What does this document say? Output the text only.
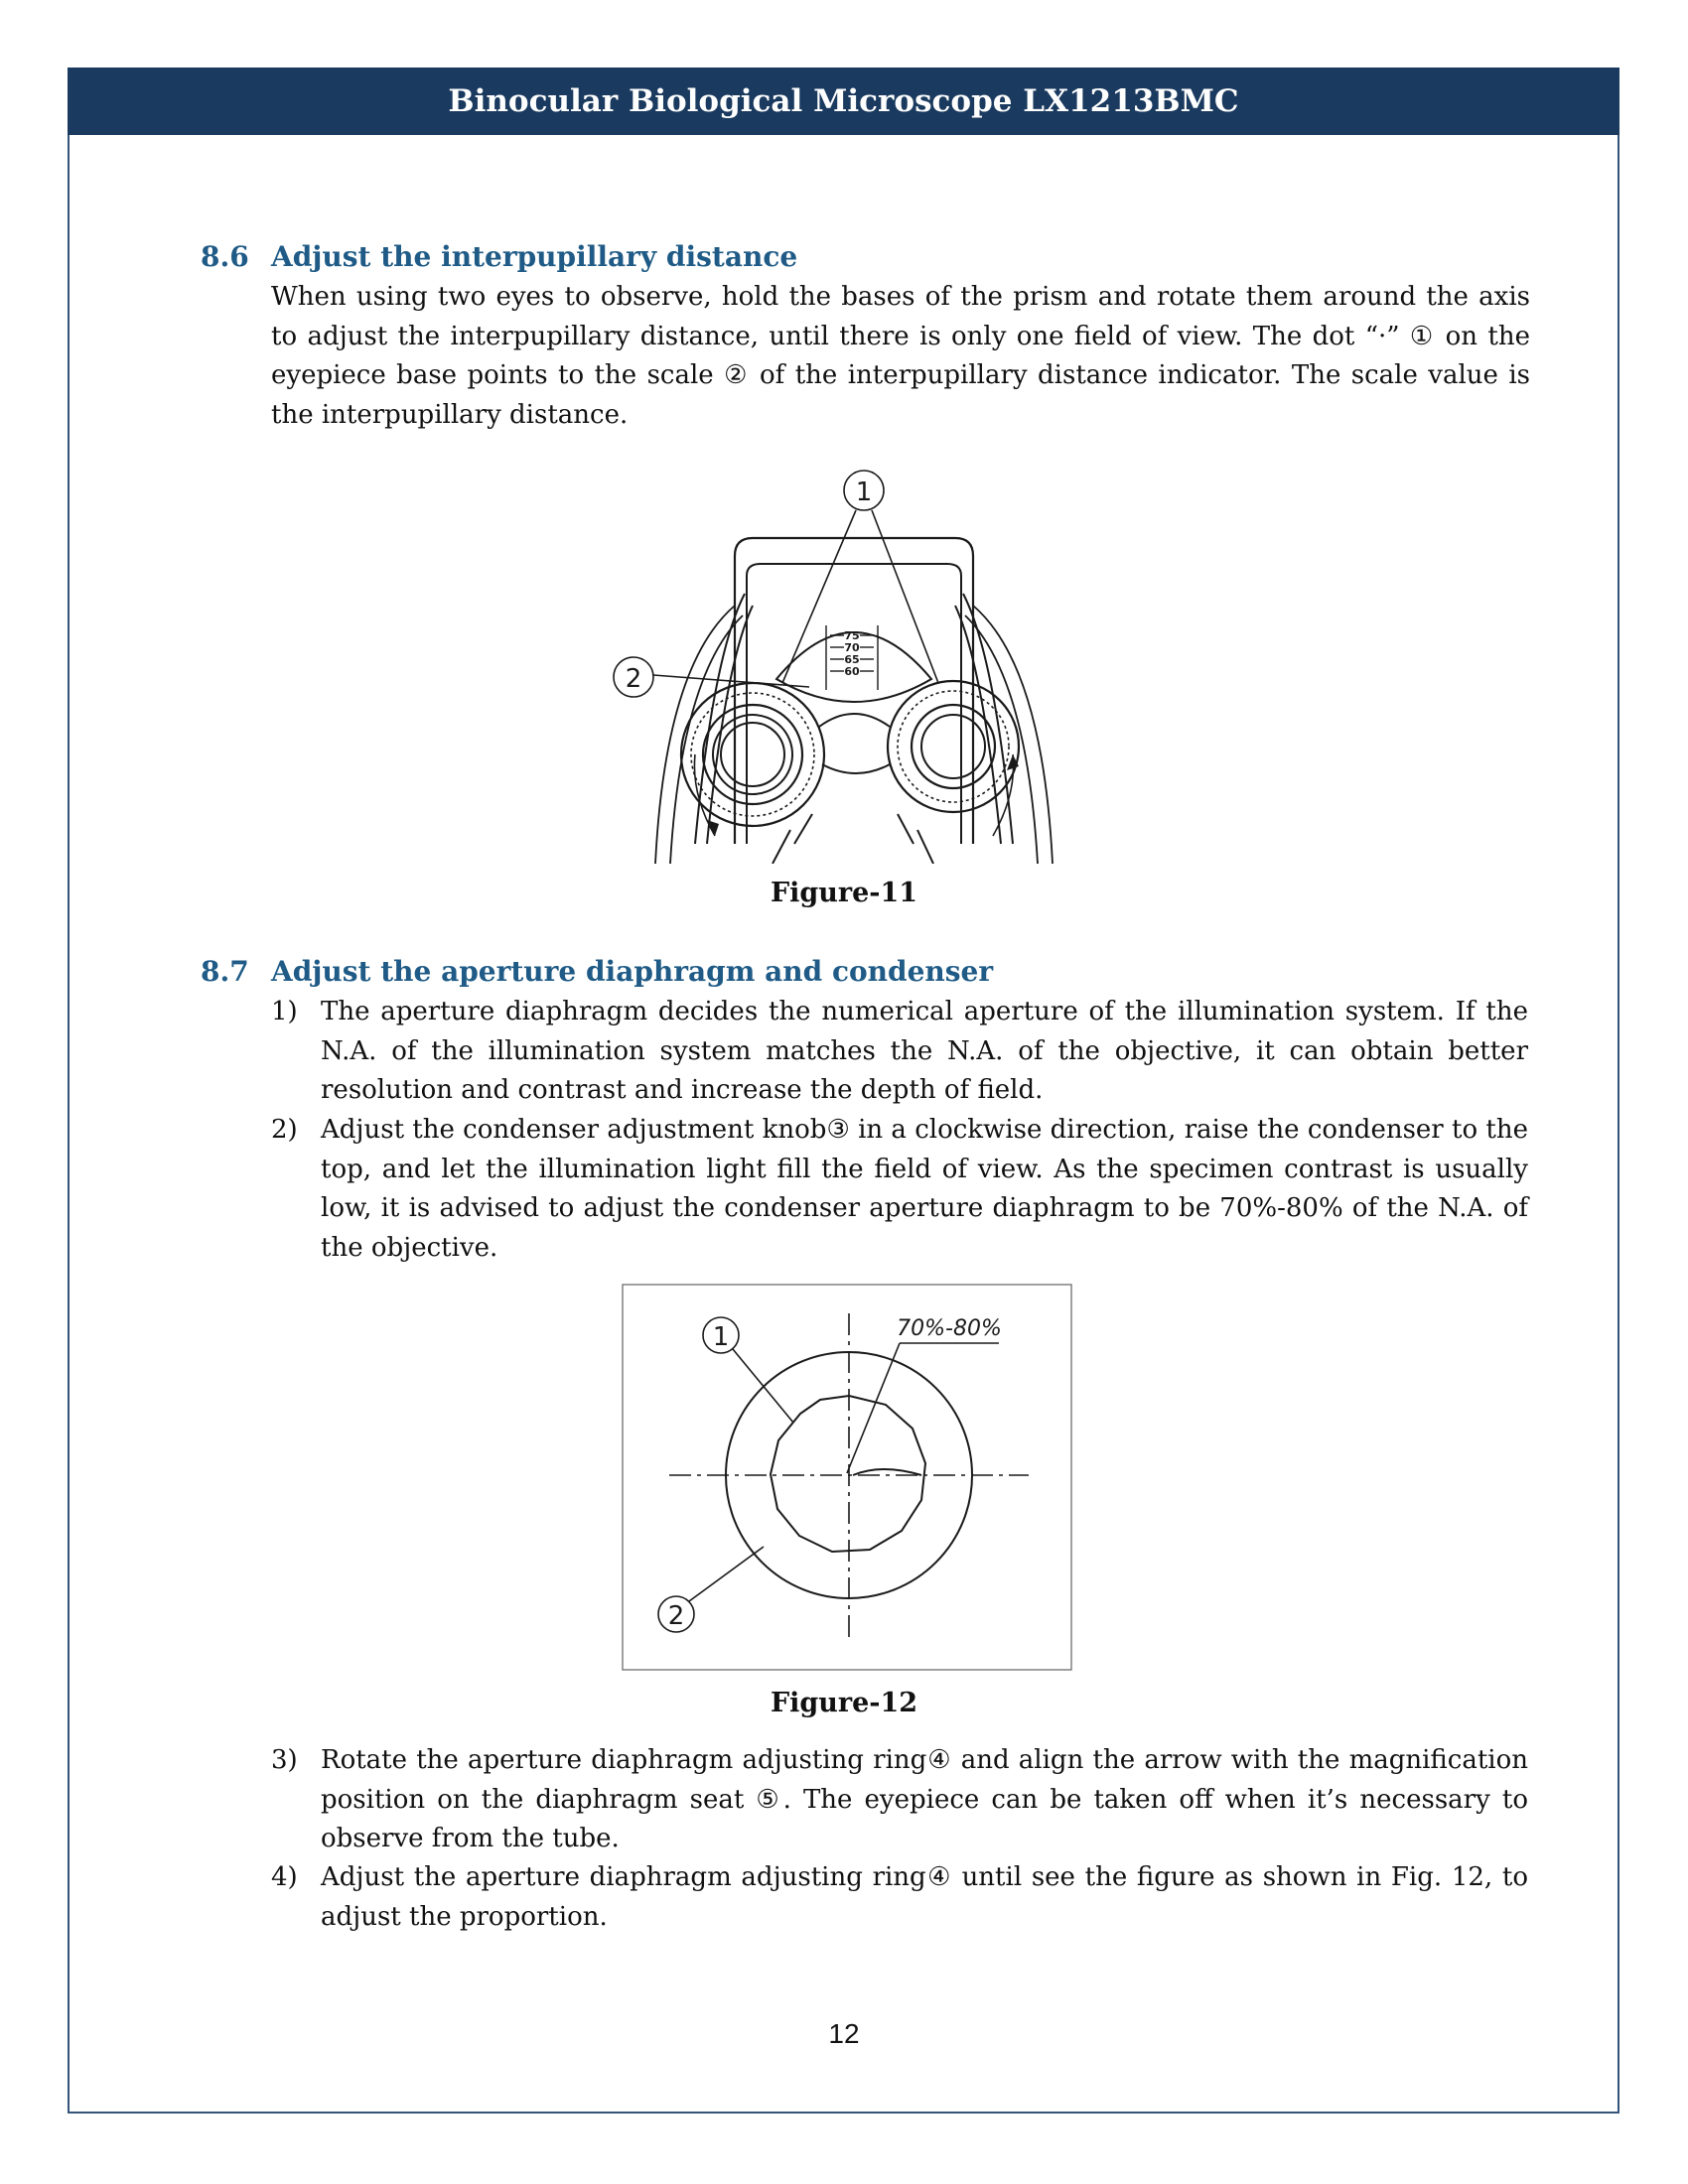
Binocular Biological Microscope LX1213BMC
8.6 Adjust the interpupillary distance
When using two eyes to observe, hold the bases of the prism and rotate them around the axis to adjust the interpupillary distance, until there is only one field of view. The dot “·” ① on the eyepiece base points to the scale ② of the interpupillary distance indicator. The scale value is the interpupillary distance.
1
2
75
70
65
60
Figure-11
8.7 Adjust the aperture diaphragm and condenser
1) The aperture diaphragm decides the numerical aperture of the illumination system. If the N.A. of the illumination system matches the N.A. of the objective, it can obtain better resolution and contrast and increase the depth of field.
2) Adjust the condenser adjustment knob③ in a clockwise direction, raise the condenser to the top, and let the illumination light fill the field of view. As the specimen contrast is usually low, it is advised to adjust the condenser aperture diaphragm to be 70%-80% of the N.A. of the objective.
1
2
70%-80%
Figure-12
3) Rotate the aperture diaphragm adjusting ring④ and align the arrow with the magnification position on the diaphragm seat ⑤. The eyepiece can be taken off when it’s necessary to observe from the tube.
4) Adjust the aperture diaphragm adjusting ring④ until see the figure as shown in Fig. 12, to adjust the proportion.
12
